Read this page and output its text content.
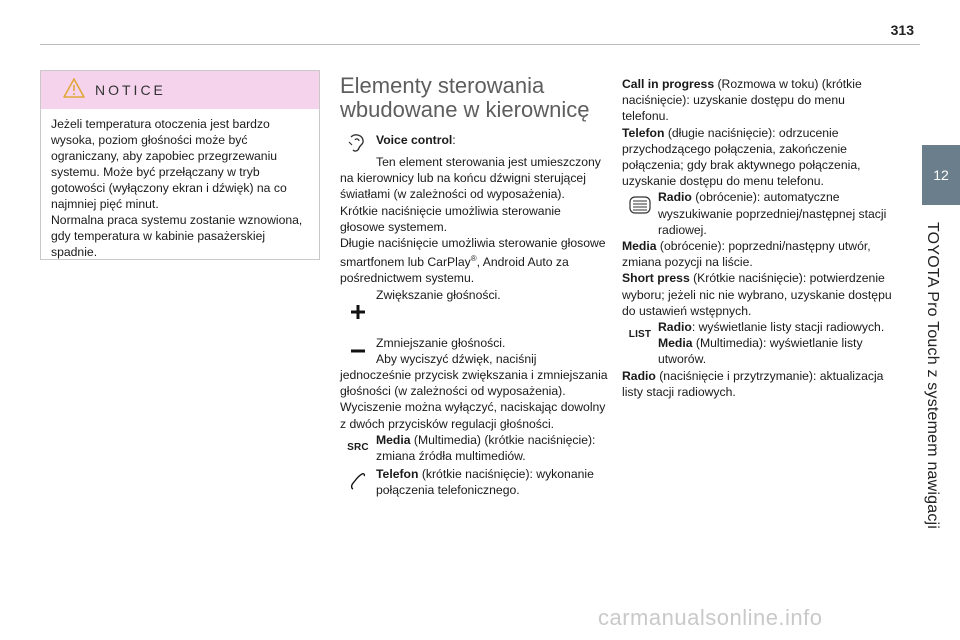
313
12
TOYOTA Pro Touch z systemem nawigacji
NOTICE
Jeżeli temperatura otoczenia jest bardzo wysoka, poziom głośności może być ograniczany, aby zapobiec przegrzewaniu systemu. Może być przełączany w tryb gotowości (wyłączony ekran i dźwięk) na co najmniej pięć minut.
Normalna praca systemu zostanie wznowiona, gdy temperatura w kabinie pasażerskiej spadnie.
Elementy sterowania wbudowane w kierownicę
Voice control:
Ten element sterowania jest umieszczony na kierownicy lub na końcu dźwigni sterującej światłami (w zależności od wyposażenia).
Krótkie naciśnięcie umożliwia sterowanie głosowe systemem.
Długie naciśnięcie umożliwia sterowanie głosowe smartfonem lub CarPlay®, Android Auto za pośrednictwem systemu.
Zwiększanie głośności.
Zmniejszanie głośności.
Aby wyciszyć dźwięk, naciśnij jednocześnie przycisk zwiększania i zmniejszania głośności (w zależności od wyposażenia).
Wyciszenie można wyłączyć, naciskając dowolny z dwóch przycisków regulacji głośności.
SRC
Media (Multimedia) (krótkie naciśnięcie): zmiana źródła multimediów.
Telefon (krótkie naciśnięcie): wykonanie połączenia telefonicznego.
Call in progress (Rozmowa w toku) (krótkie naciśnięcie): uzyskanie dostępu do menu telefonu.
Telefon (długie naciśnięcie): odrzucenie przychodzącego połączenia, zakończenie połączenia; gdy brak aktywnego połączenia, uzyskanie dostępu do menu telefonu.
Radio (obrócenie): automatyczne wyszukiwanie poprzedniej/następnej stacji radiowej.
Media (obrócenie): poprzedni/następny utwór, zmiana pozycji na liście.
Short press (Krótkie naciśnięcie): potwierdzenie wyboru; jeżeli nic nie wybrano, uzyskanie dostępu do ustawień wstępnych.
LIST
Radio: wyświetlanie listy stacji radiowych.
Media (Multimedia): wyświetlanie listy utworów.
Radio (naciśnięcie i przytrzymanie): aktualizacja listy stacji radiowych.
carmanualsonline.info
